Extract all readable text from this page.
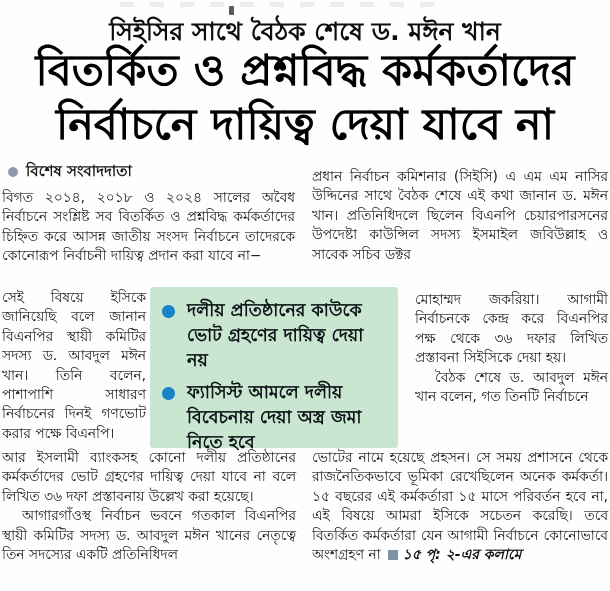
সিইসির সাথে বৈঠক শেষে ড. মঈন খান
বিতর্কিত ও প্রশ্নবিদ্ধ কর্মকর্তাদের
নির্বাচনে দায়িত্ব দেয়া যাবে না
বিশেষ সংবাদদাতা
বিগত ২০১৪, ২০১৮ ও ২০২৪ সালের অবৈধ নির্বাচনে সংশ্লিষ্ট সব বিতর্কিত ও প্রশ্নবিদ্ধ কর্মকর্তাদের চিহ্নিত করে আসন্ন জাতীয় সংসদ নির্বাচনে তাদেরকে কোনোরূপ নির্বাচনী দায়িত্ব প্রদান করা যাবে না−
সেই বিষয়ে ইসিকে জানিয়েছি বলে জানান বিএনপির স্থায়ী কমিটির সদস্য ড. আবদুল মঈন খান। তিনি বলেন, পাশাপাশি সাধারণ নির্বাচনের দিনই গণভোট করার পক্ষে বিএনপি।

আর ইসলামী ব্যাংকসহ কোনো দলীয় প্রতিষ্ঠানের কর্মকর্তাদের ভোট গ্রহণের দায়িত্ব দেয়া যাবে না বলে লিখিত ৩৬ দফা প্রস্তাবনায় উল্লেখ করা হয়েছে।

আগারগাঁওস্থ নির্বাচন ভবনে গতকাল বিএনপির স্থায়ী কমিটির সদস্য ড. আবদুল মঈন খানের নেতৃত্বে তিন সদস্যের একটি প্রতিনিধিদল

প্রধান নির্বাচন কমিশনার (সিইসি) এ এম এম নাসির উদ্দিনের সাথে বৈঠক শেষে এই কথা জানান ড. মঈন খান। প্রতিনিধিদলে ছিলেন বিএনপি চেয়ারপারসনের উপদেষ্টা কাউন্সিল সদস্য ইসমাইল জবিউল্লাহ ও সাবেক সচিব ডক্টর

মোহাম্মদ জকরিয়া। আগামী নির্বাচনকে কেন্দ্র করে বিএনপির পক্ষ থেকে ৩৬ দফার লিখিত প্রস্তাবনা সিইসিকে দেয়া হয়।

বৈঠক শেষে ড. আবদুল মঈন খান বলেন, গত তিনটি নির্বাচনে

ভোটের নামে হয়েছে প্রহসন। সে সময় প্রশাসনে থেকে রাজনৈতিকভাবে ভূমিকা রেখেছিলেন অনেক কর্মকর্তা। ১৫ বছরের এই কর্মকর্তারা ১৫ মাসে পরিবর্তন হবে না, এই বিষয়ে আমরা ইসিকে সচেতন করেছি। তবে বিতর্কিত কর্মকর্তারা যেন আগামী নির্বাচনে কোনোভাবে অংশগ্রহণ না ১৫ পৃ: ২-এর কলামে
দলীয় প্রতিষ্ঠানের কাউকে ভোট গ্রহণের দায়িত্ব দেয়া নয়
ফ্যাসিস্ট আমলে দলীয় বিবেচনায় দেয়া অস্ত্র জমা নিতে হবে
